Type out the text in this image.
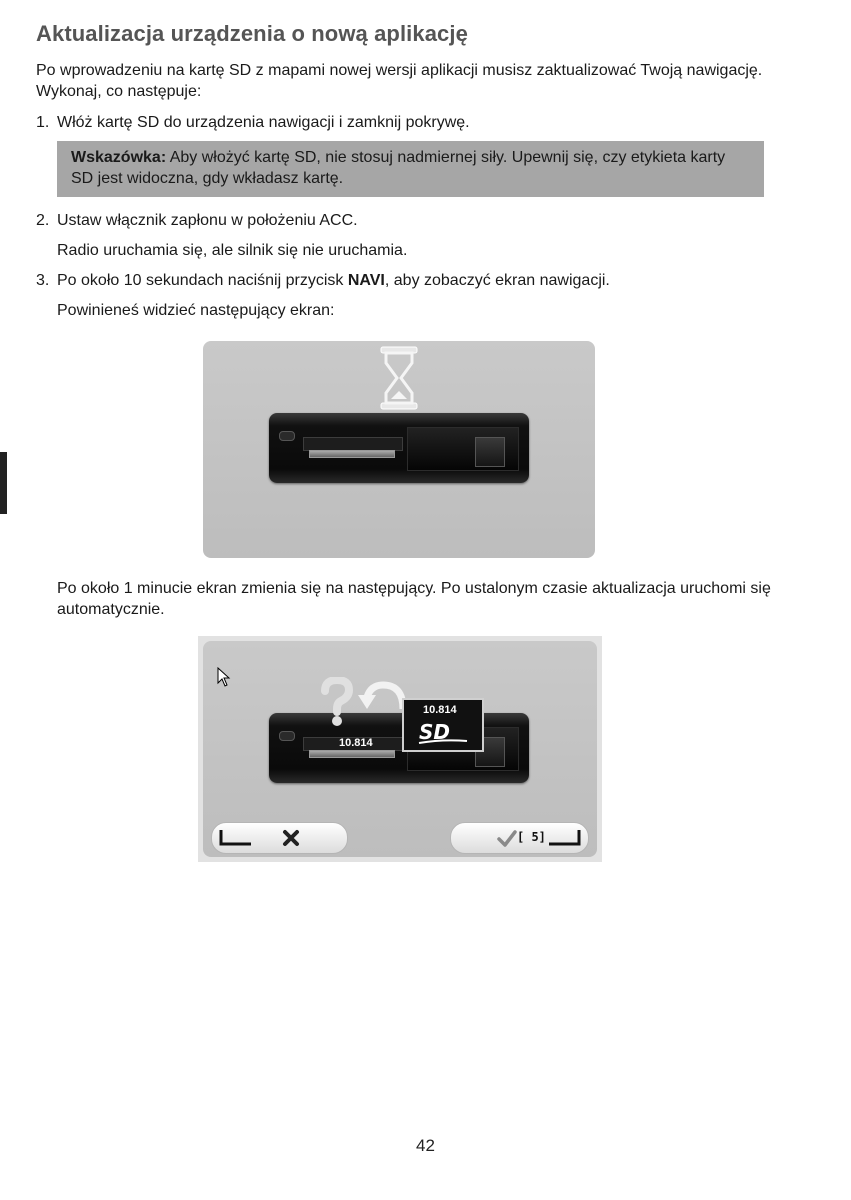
Aktualizacja urządzenia o nową aplikację

Po wprowadzeniu na kartę SD z mapami nowej wersji aplikacji musisz zaktualizować Twoją nawigację. Wykonaj, co następuje:

1. Włóż kartę SD do urządzenia nawigacji i zamknij pokrywę.

Wskazówka: Aby włożyć kartę SD, nie stosuj nadmiernej siły. Upewnij się, czy etykieta karty SD jest widoczna, gdy wkładasz kartę.

2. Ustaw włącznik zapłonu w położeniu ACC.

Radio uruchamia się, ale silnik się nie uruchamia.

3. Po około 10 sekundach naciśnij przycisk NAVI, aby zobaczyć ekran nawigacji.

Powinieneś widzieć następujący ekran:

Po około 1 minucie ekran zmienia się na następujący. Po ustalonym czasie aktualizacja uruchomi się automatycznie.

10.814
[ 5]
10.814
SD
42
